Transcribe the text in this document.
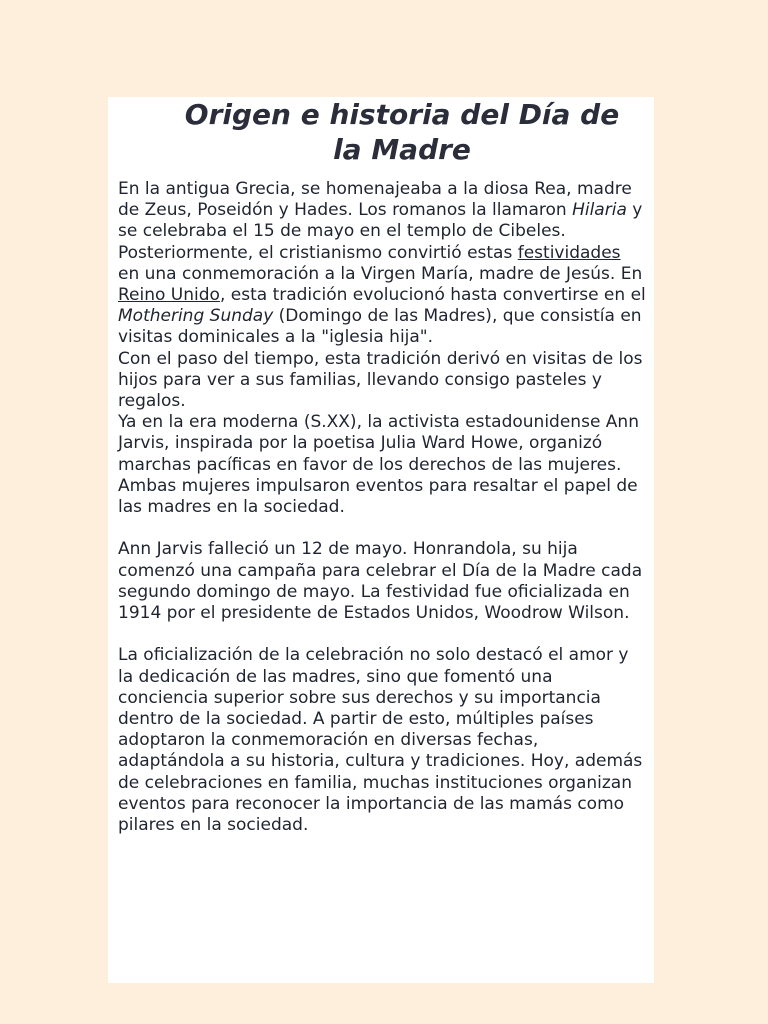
Origen e historia del Día de la Madre

En la antigua Grecia, se homenajeaba a la diosa Rea, madre de Zeus, Poseidón y Hades. Los romanos la llamaron Hilaria y se celebraba el 15 de mayo en el templo de Cibeles.

Posteriormente, el cristianismo convirtió estas festividades en una conmemoración a la Virgen María, madre de Jesús. En Reino Unido, esta tradición evolucionó hasta convertirse en el Mothering Sunday (Domingo de las Madres), que consistía en visitas dominicales a la "iglesia hija".

Con el paso del tiempo, esta tradición derivó en visitas de los hijos para ver a sus familias, llevando consigo pasteles y regalos.

Ya en la era moderna (S.XX), la activista estadounidense Ann Jarvis, inspirada por la poetisa Julia Ward Howe, organizó marchas pacíficas en favor de los derechos de las mujeres. Ambas mujeres impulsaron eventos para resaltar el papel de las madres en la sociedad.

Ann Jarvis falleció un 12 de mayo. Honrandola, su hija comenzó una campaña para celebrar el Día de la Madre cada segundo domingo de mayo. La festividad fue oficializada en 1914 por el presidente de Estados Unidos, Woodrow Wilson.

La oficialización de la celebración no solo destacó el amor y la dedicación de las madres, sino que fomentó una conciencia superior sobre sus derechos y su importancia dentro de la sociedad. A partir de esto, múltiples países adoptaron la conmemoración en diversas fechas, adaptándola a su historia, cultura y tradiciones. Hoy, además de celebraciones en familia, muchas instituciones organizan eventos para reconocer la importancia de las mamás como pilares en la sociedad.
